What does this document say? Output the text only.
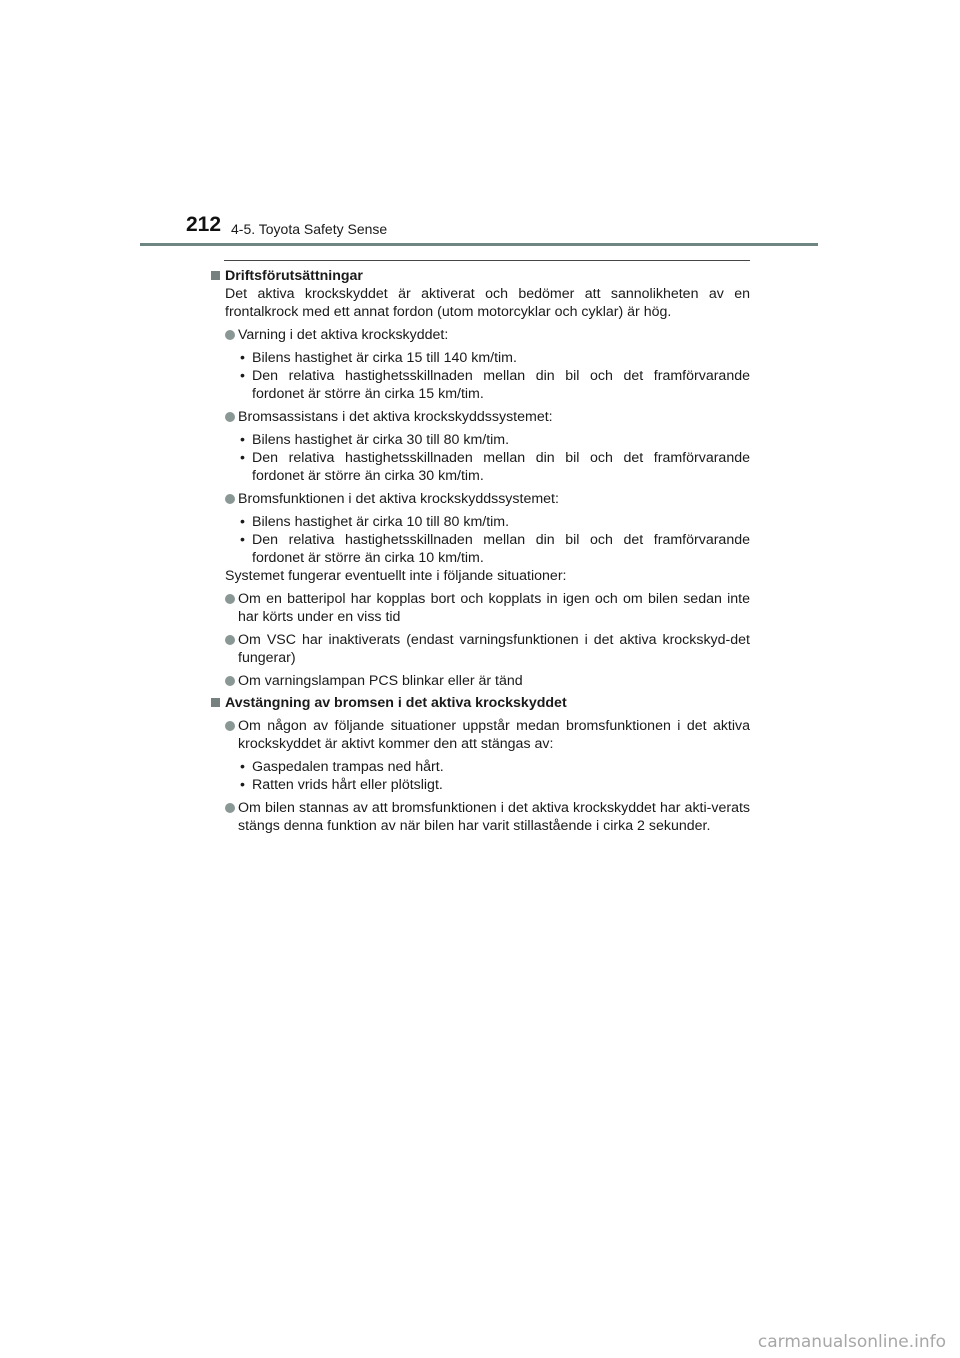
212 4-5. Toyota Safety Sense
Driftsförutsättningar
Det aktiva krockskyddet är aktiverat och bedömer att sannolikheten av en frontalkrock med ett annat fordon (utom motorcyklar och cyklar) är hög.
Varning i det aktiva krockskyddet:
• Bilens hastighet är cirka 15 till 140 km/tim.
• Den relativa hastighetsskillnaden mellan din bil och det framförvarande fordonet är större än cirka 15 km/tim.
Bromsassistans i det aktiva krockskyddssystemet:
• Bilens hastighet är cirka 30 till 80 km/tim.
• Den relativa hastighetsskillnaden mellan din bil och det framförvarande fordonet är större än cirka 30 km/tim.
Bromsfunktionen i det aktiva krockskyddssystemet:
• Bilens hastighet är cirka 10 till 80 km/tim.
• Den relativa hastighetsskillnaden mellan din bil och det framförvarande fordonet är större än cirka 10 km/tim.
Systemet fungerar eventuellt inte i följande situationer:
Om en batteripol har kopplas bort och kopplats in igen och om bilen sedan inte har körts under en viss tid
Om VSC har inaktiverats (endast varningsfunktionen i det aktiva krockskyd-det fungerar)
Om varningslampan PCS blinkar eller är tänd
Avstängning av bromsen i det aktiva krockskyddet
Om någon av följande situationer uppstår medan bromsfunktionen i det aktiva krockskyddet är aktivt kommer den att stängas av:
• Gaspedalen trampas ned hårt.
• Ratten vrids hårt eller plötsligt.
Om bilen stannas av att bromsfunktionen i det aktiva krockskyddet har akti-verats stängs denna funktion av när bilen har varit stillastående i cirka 2 sekunder.
carmanualsonline.info
